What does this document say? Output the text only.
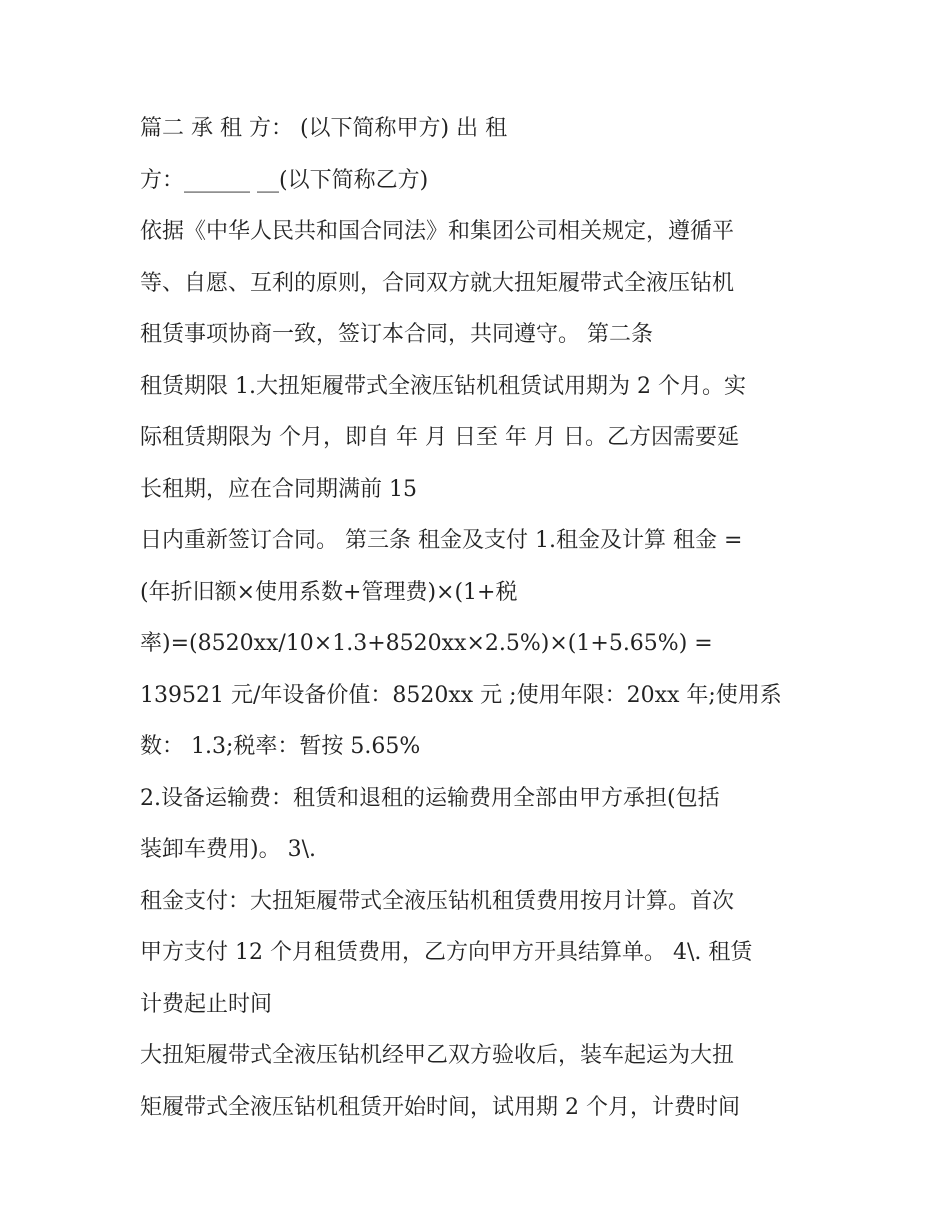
篇二 承 租 方： (以下简称甲方) 出 租
方：______ __(以下简称乙方)
依据《中华人民共和国合同法》和集团公司相关规定，遵循平
等、自愿、互利的原则，合同双方就大扭矩履带式全液压钻机
租赁事项协商一致，签订本合同，共同遵守。 第二条
租赁期限 1.大扭矩履带式全液压钻机租赁试用期为 2 个月。实
际租赁期限为 个月，即自 年 月 日至 年 月 日。乙方因需要延
长租期，应在合同期满前 15
日内重新签订合同。 第三条 租金及支付 1.租金及计算 租金 =
(年折旧额×使用系数+管理费)×(1+税
率)=(8520xx/10×1.3+8520xx×2.5%)×(1+5.65%) =
139521 元/年设备价值：8520xx 元 ;使用年限：20xx 年;使用系
数： 1.3;税率：暂按 5.65%
2.设备运输费：租赁和退租的运输费用全部由甲方承担(包括
装卸车费用)。 3\.
租金支付：大扭矩履带式全液压钻机租赁费用按月计算。首次
甲方支付 12 个月租赁费用，乙方向甲方开具结算单。 4\. 租赁
计费起止时间
大扭矩履带式全液压钻机经甲乙双方验收后，装车起运为大扭
矩履带式全液压钻机租赁开始时间，试用期 2 个月，计费时间
